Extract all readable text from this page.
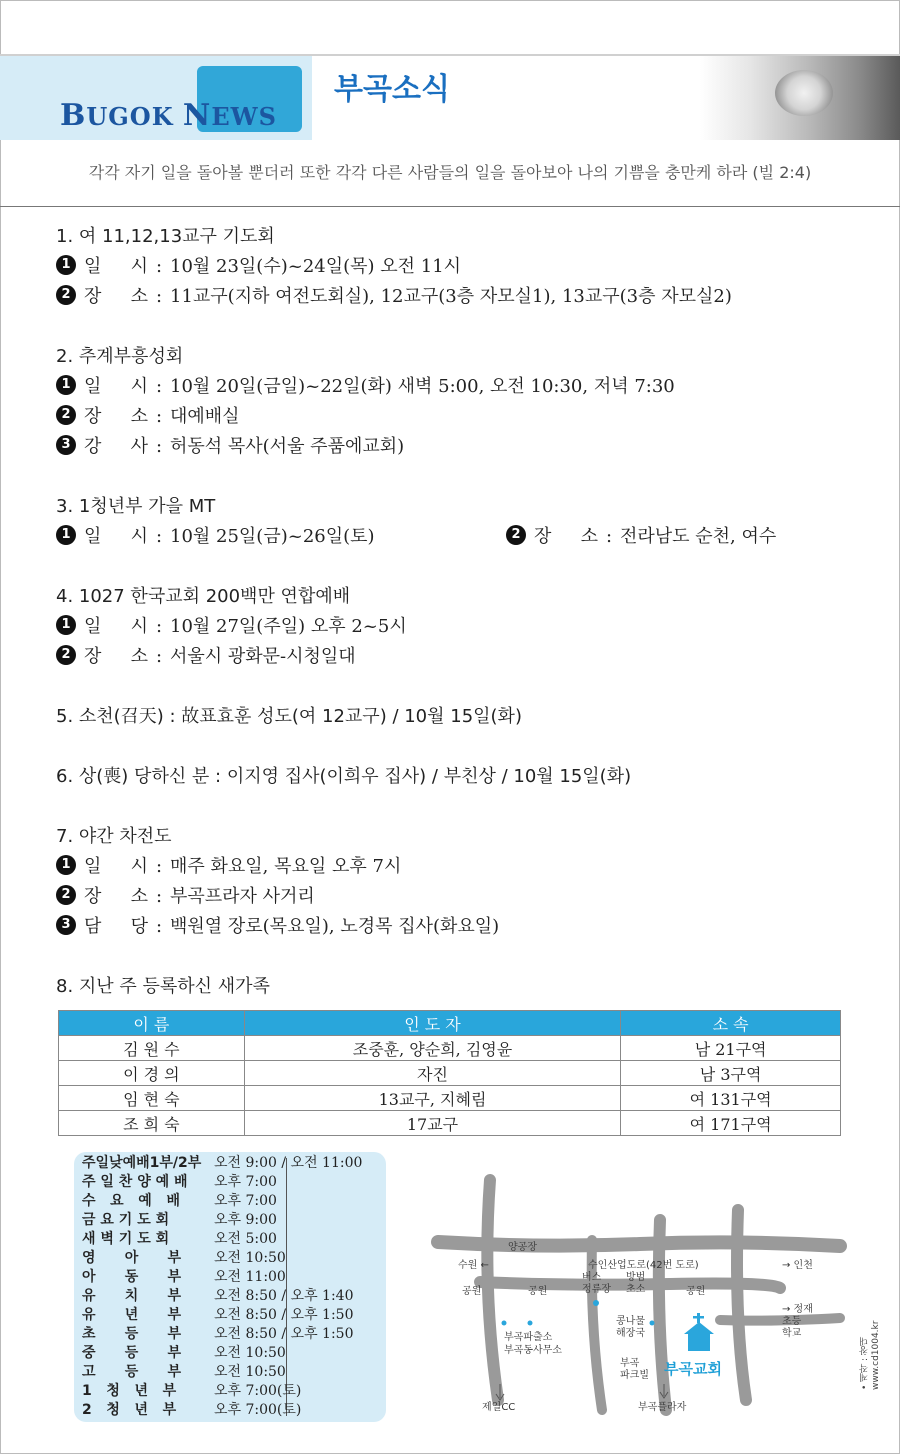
BUGOK NEWS
부곡소식
각각 자기 일을 돌아볼 뿐더러 또한 각각 다른 사람들의 일을 돌아보아 나의 기쁨을 충만케 하라 (빌 2:4)
1. 여 11,12,13교구 기도회
1 일 시 : 10월 23일(수)~24일(목) 오전 11시
2 장 소 : 11교구(지하 여전도회실), 12교구(3층 자모실1), 13교구(3층 자모실2)
2. 추계부흥성회
1 일 시 : 10월 20일(금일)~22일(화) 새벽 5:00, 오전 10:30, 저녁 7:30
2 장 소 : 대예배실
3 강 사 : 허동석 목사(서울 주품에교회)
3. 1청년부 가을 MT
1 일 시 : 10월 25일(금)~26일(토)	2 장 소 : 전라남도 순천, 여수
4. 1027 한국교회 200백만 연합예배
1 일 시 : 10월 27일(주일) 오후 2~5시
2 장 소 : 서울시 광화문-시청일대
5. 소천(召天) : 故표효훈 성도(여 12교구) / 10월 15일(화)
6. 상(喪) 당하신 분 : 이지영 집사(이희우 집사) / 부친상 / 10월 15일(화)
7. 야간 차전도
1 일 시 : 매주 화요일, 목요일 오후 7시
2 장 소 : 부곡프라자 사거리
3 담 당 : 백원열 장로(목요일), 노경목 집사(화요일)
8. 지난 주 등록하신 새가족
이 름	인 도 자	소 속
김 원 수	조중훈, 양순희, 김영윤	남 21구역
이 경 의	자진	남 3구역
임 현 숙	13교구, 지혜림	여 131구역
조 희 숙	17교구	여 171구역
주일낮예배1부/2부 오전 9:00 / 오전 11:00
주 일 찬 양 예 배 오후 7:00
수   요   예   배 오후 7:00
금 요 기 도 회	오후 9:00
새 벽 기 도 회	오전 5:00
영      아      부 오전 10:50
아      동      부 오전 11:00
유      치      부 오전 8:50 / 오후 1:40
유      년      부 오전 8:50 / 오후 1:50
초      등      부 오전 8:50 / 오후 1:50
중      등      부 오전 10:50
고      등      부 오전 10:50
1   청   년   부	오후 7:00(토)
2   청   년   부	오후 7:00(토)
양공장
수원 ←	수인산업도로(42번 도로)	→ 인천
공원	공원
버스
정류장
방범
초소	공원
→ 정재
초등
학교
부곡파출소
부곡동사무소
콩나물
해장국
부곡
파크빌 부곡교회
제일CC	부곡플라자
• 제작 : 창대 www.cd1004.kr
